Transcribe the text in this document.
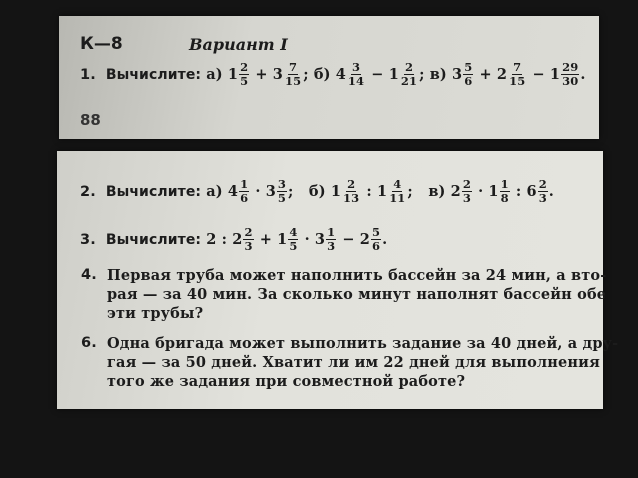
К—8	Вариант I
1. Вычислите:
а)
$1 \frac{2}{5}$
+
$3 \frac{7}{15}$ ;
б)
$4 \frac{3}{14}$
−
$1 \frac{2}{21}$ ;
в)
$3 \frac{5}{6}$
+
$2 \frac{7}{15}$
−
$1 \frac{29}{30}$ .
88
2. Вычислите:
а)
$4 \frac{1}{6}$
·
$3 \frac{3}{5}$ ;
б)
$1 \frac{2}{13}$
:
$1 \frac{4}{11}$ ;
в)
$2 \frac{2}{3}$
·
$1 \frac{1}{8}$
:
$6 \frac{2}{3}$ .
3. Вычислите:
2 : $2 \frac{2}{3}$
+
$1 \frac{4}{5}$
·
$3 \frac{1}{3}$
−
$2 \frac{5}{6}$ .
4. Первая труба может наполнить бассейн за 24 мин, а вто-
рая — за 40 мин. За сколько минут наполнят бассейн обе
эти трубы?
6. Одна бригада может выполнить задание за 40 дней, а дру-
гая — за 50 дней. Хватит ли им 22 дней для выполнения
того же задания при совместной работе?
